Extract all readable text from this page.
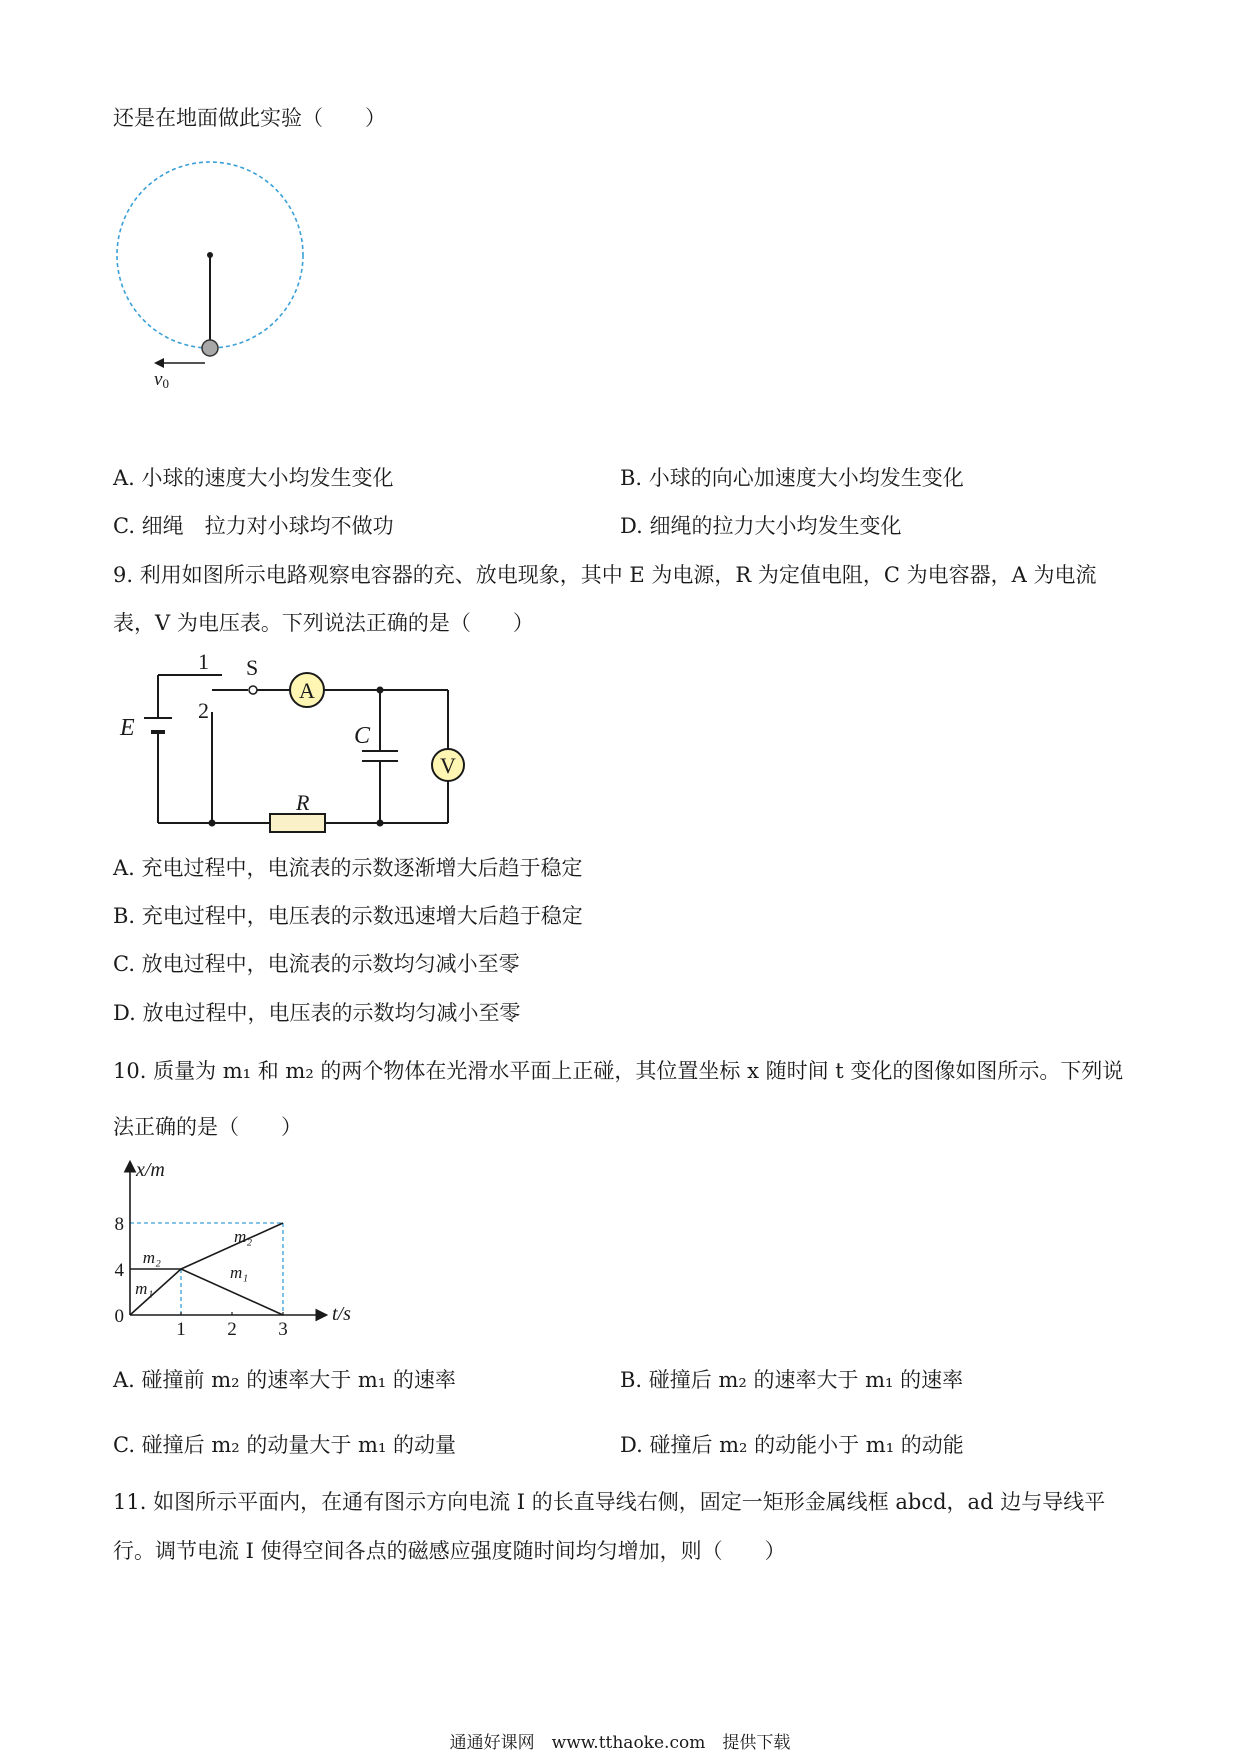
还是在地面做此实验（　　）
v0
A. 小球的速度大小均发生变化	B. 小球的向心加速度大小均发生变化
C. 细绳　拉力对小球均不做功	D. 细绳的拉力大小均发生变化
9. 利用如图所示电路观察电容器的充、放电现象，其中 E 为电源，R 为定值电阻，C 为电容器，A 为电流
表，V 为电压表。下列说法正确的是（　　）
A
V
1
2
S
E	C
R
A. 充电过程中，电流表的示数逐渐增大后趋于稳定
B. 充电过程中，电压表的示数迅速增大后趋于稳定
C. 放电过程中，电流表的示数均匀减小至零
D. 放电过程中，电压表的示数均匀减小至零
10. 质量为 m₁ 和 m₂ 的两个物体在光滑水平面上正碰，其位置坐标 x 随时间 t 变化的图像如图所示。下列说
法正确的是（　　）
m₁
m₂
m₂
m₁
1 2 3
0
4
8
x/m
t/s
A. 碰撞前 m₂ 的速率大于 m₁ 的速率	B. 碰撞后 m₂ 的速率大于 m₁ 的速率
C. 碰撞后 m₂ 的动量大于 m₁ 的动量	D. 碰撞后 m₂ 的动能小于 m₁ 的动能
11. 如图所示平面内，在通有图示方向电流 I 的长直导线右侧，固定一矩形金属线框 abcd，ad 边与导线平
行。调节电流 I 使得空间各点的磁感应强度随时间均匀增加，则（　　）
通通好课网　www.tthaoke.com　提供下载
